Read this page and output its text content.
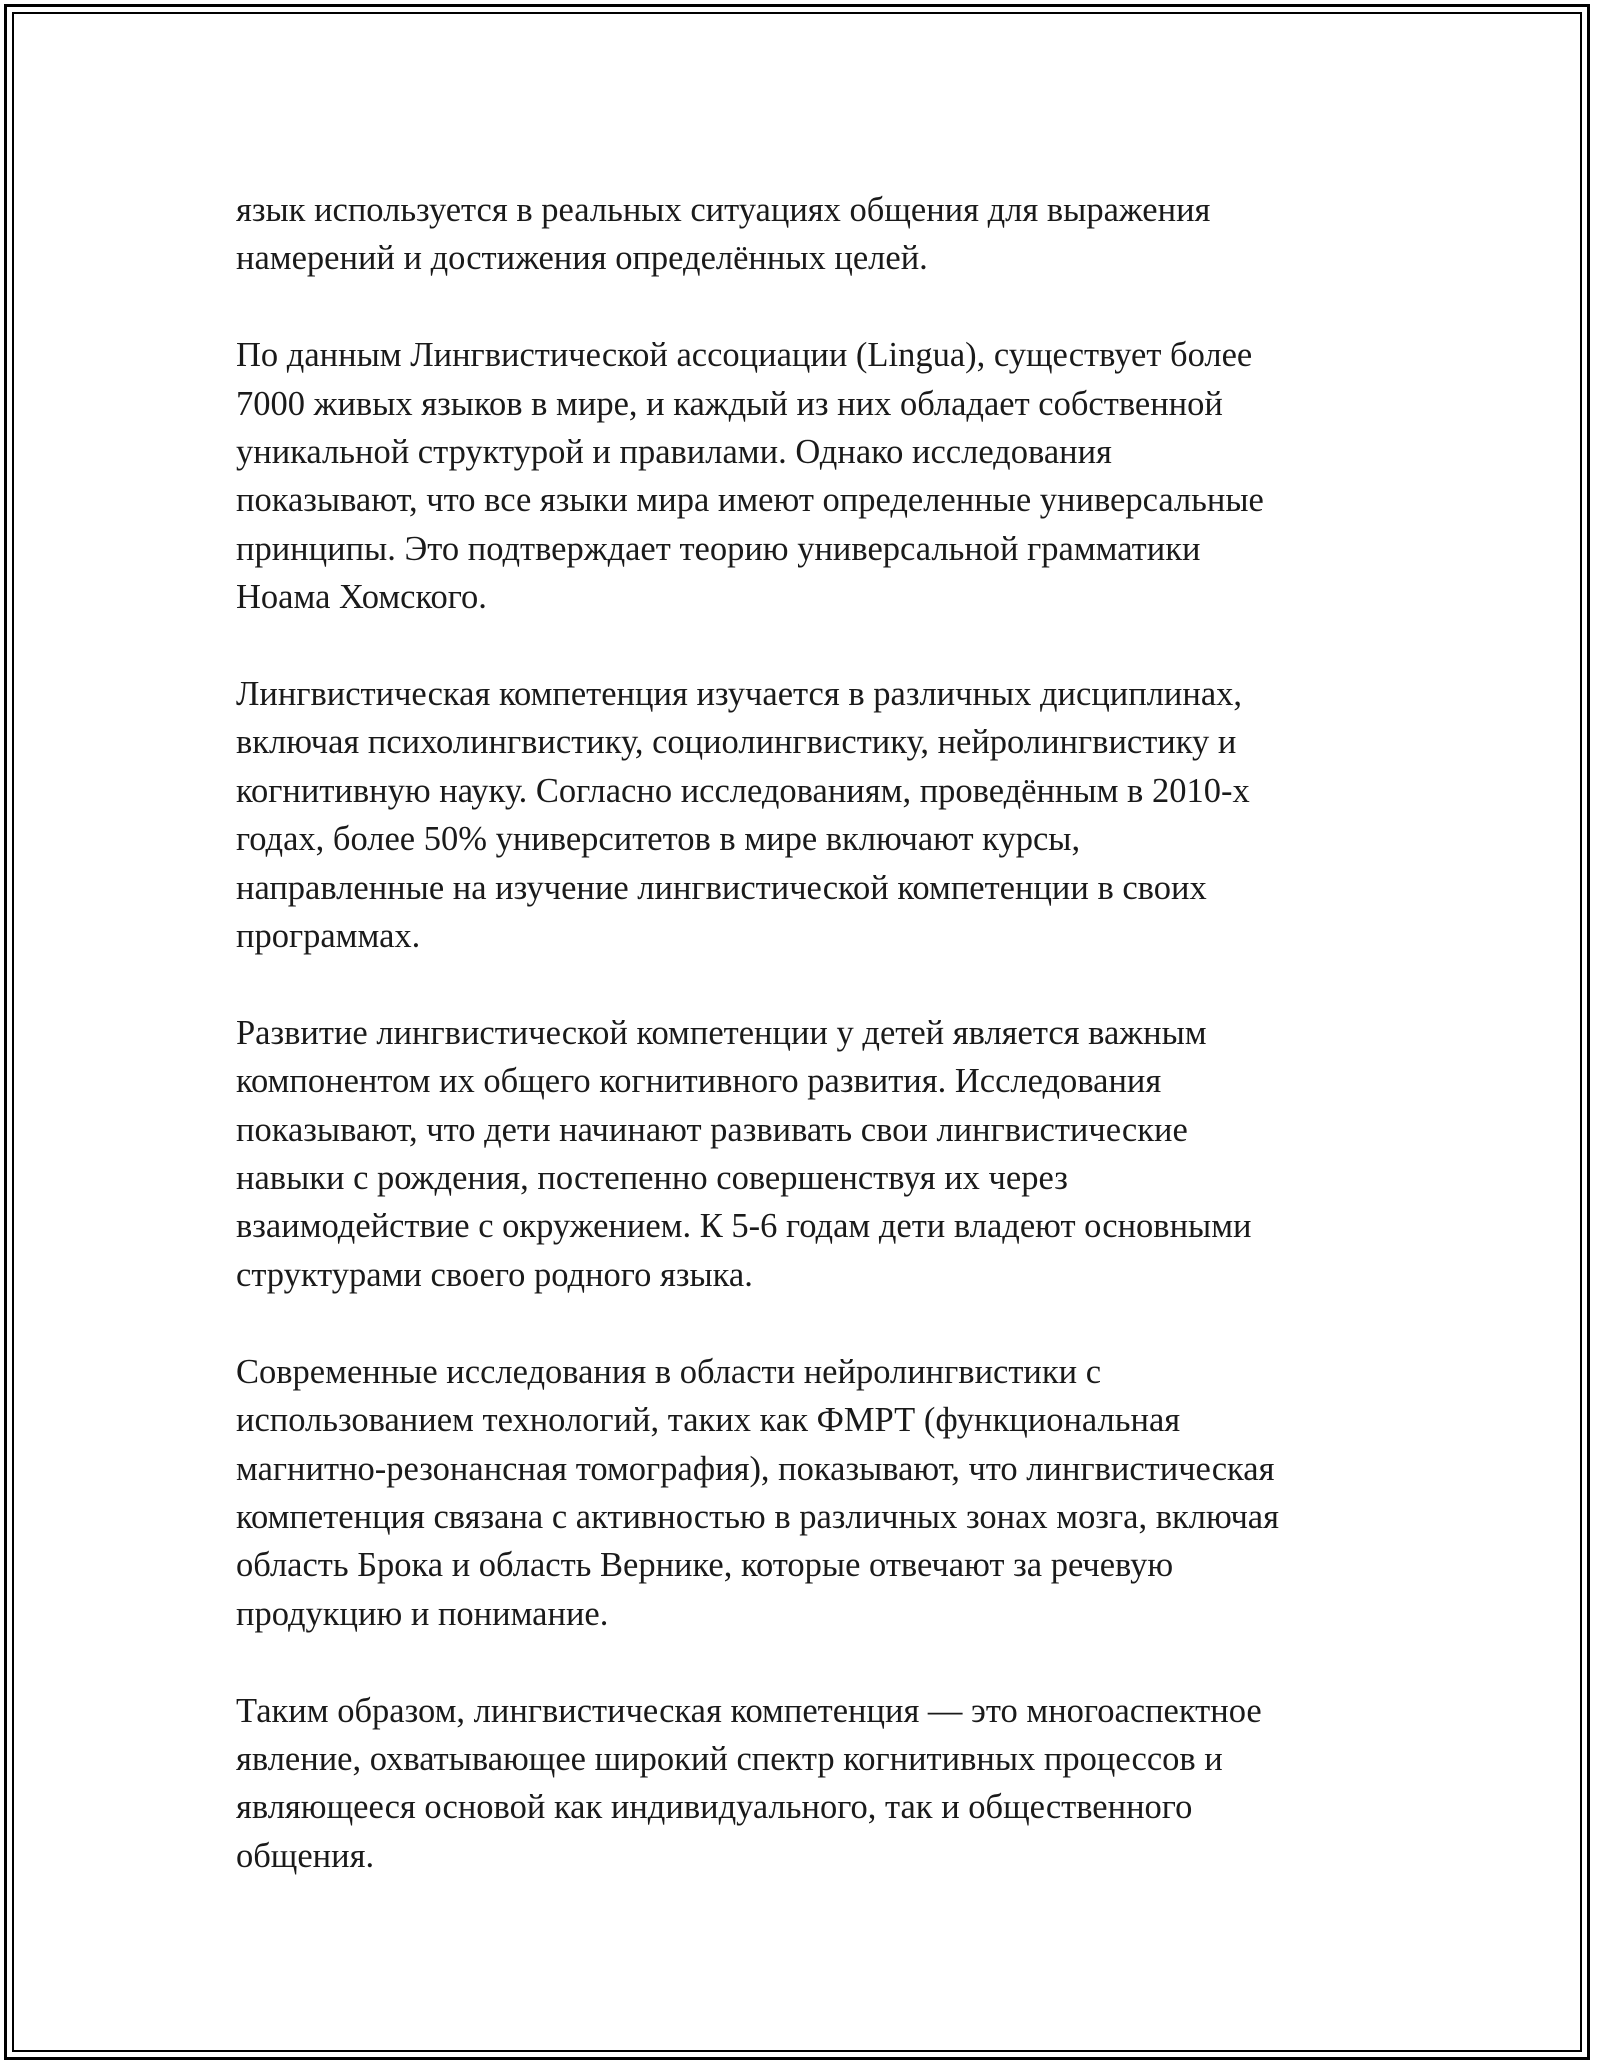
язык используется в реальных ситуациях общения для выражения
намерений и достижения определённых целей.

По данным Лингвистической ассоциации (Lingua), существует более
7000 живых языков в мире, и каждый из них обладает собственной
уникальной структурой и правилами. Однако исследования
показывают, что все языки мира имеют определенные универсальные
принципы. Это подтверждает теорию универсальной грамматики
Ноама Хомского.

Лингвистическая компетенция изучается в различных дисциплинах,
включая психолингвистику, социолингвистику, нейролингвистику и
когнитивную науку. Согласно исследованиям, проведённым в 2010-х
годах, более 50% университетов в мире включают курсы,
направленные на изучение лингвистической компетенции в своих
программах.

Развитие лингвистической компетенции у детей является важным
компонентом их общего когнитивного развития. Исследования
показывают, что дети начинают развивать свои лингвистические
навыки с рождения, постепенно совершенствуя их через
взаимодействие с окружением. К 5-6 годам дети владеют основными
структурами своего родного языка.

Современные исследования в области нейролингвистики с
использованием технологий, таких как ФМРТ (функциональная
магнитно-резонансная томография), показывают, что лингвистическая
компетенция связана с активностью в различных зонах мозга, включая
область Брока и область Вернике, которые отвечают за речевую
продукцию и понимание.

Таким образом, лингвистическая компетенция — это многоаспектное
явление, охватывающее широкий спектр когнитивных процессов и
являющееся основой как индивидуального, так и общественного
общения.
